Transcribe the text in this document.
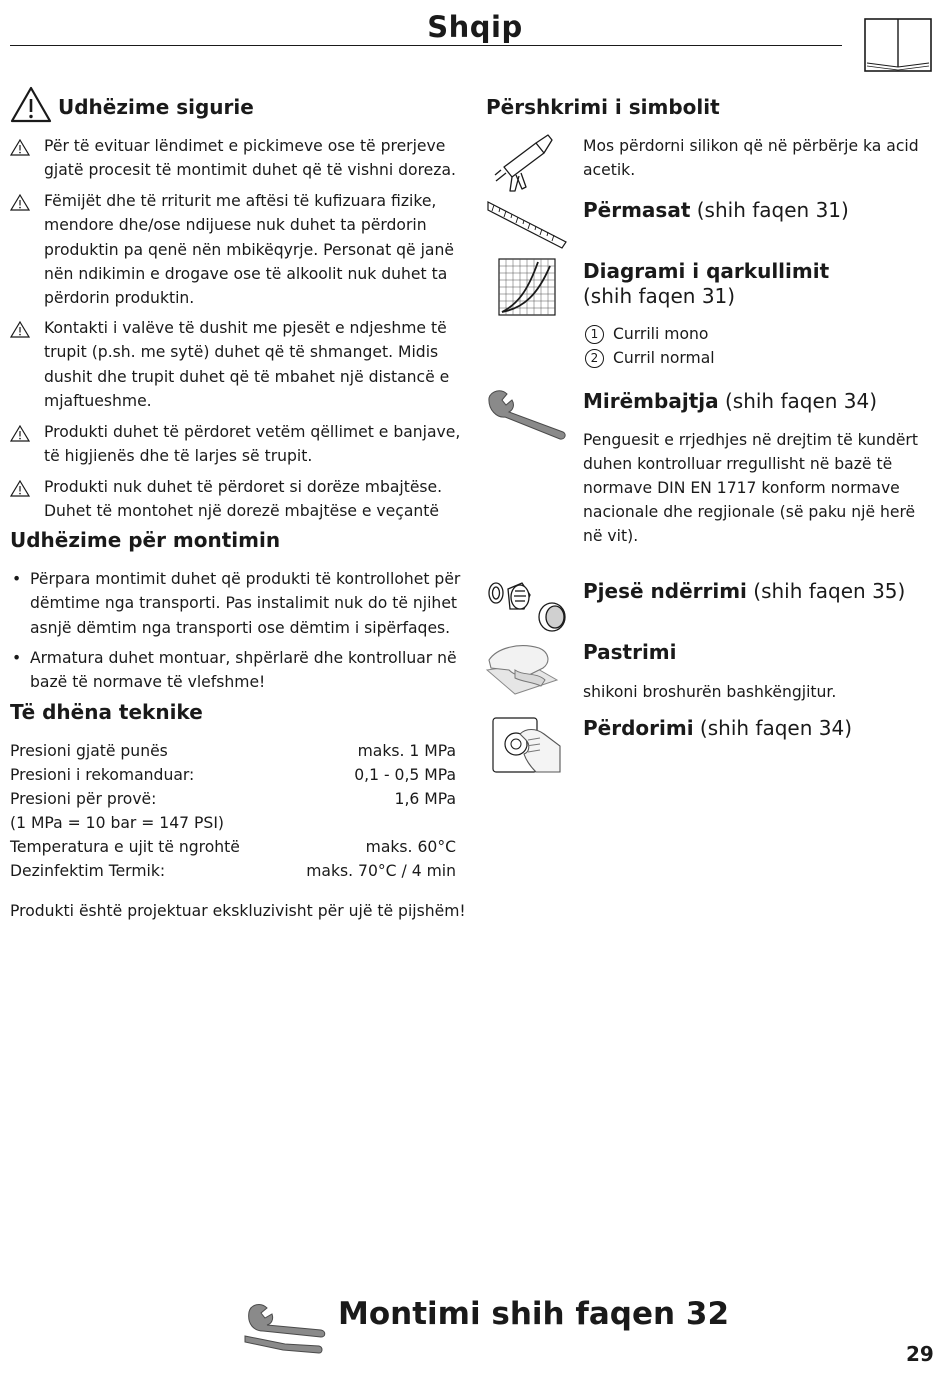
Shqip
Udhëzime sigurie
Për të evituar lëndimet e pickimeve ose të prerjeve gjatë procesit të montimit duhet që të vishni doreza.
Fëmijët dhe të rriturit me aftësi të kufizuara fizike, mendore dhe/ose ndijuese nuk duhet ta përdorin produktin pa qenë nën mbikëqyrje. Personat që janë nën ndikimin e drogave ose të alkoolit nuk duhet ta përdorin produktin.
Kontakti i valëve të dushit me pjesët e ndjeshme të trupit (p.sh. me sytë) duhet që të shmanget. Midis dushit dhe trupit duhet që të mbahet një distancë e mjaftueshme.
Produkti duhet të përdoret vetëm qëllimet e banjave, të higjienës dhe të larjes së trupit.
Produkti nuk duhet të përdoret si dorëze mbajtëse. Duhet të montohet një dorezë mbajtëse e veçantë
Udhëzime për montimin
• Përpara montimit duhet që produkti të kontrollohet për dëmtime nga transporti. Pas instalimit nuk do të njihet asnjë dëmtim nga transporti ose dëmtim i sipërfaqes.
• Armatura duhet montuar, shpërlarë dhe kontrolluar në bazë të normave të vlefshme!
Të dhëna teknike
Presioni gjatë punës	maks. 1 MPa
Presioni i rekomanduar:	0,1 - 0,5 MPa
Presioni për provë:	1,6 MPa
(1 MPa = 10 bar = 147 PSI)
Temperatura e ujit të ngrohtë	maks. 60°C
Dezinfektim Termik:	maks. 70°C / 4 min
Produkti është projektuar ekskluzivisht për ujë të pijshëm!
Përshkrimi i simbolit
Mos përdorni silikon që në përbërje ka acid acetik.
Përmasat (shih faqen 31)
Diagrami i qarkullimit
(shih faqen 31)
1 Currili mono
2 Curril normal
Mirëmbajtja (shih faqen 34)
Penguesit e rrjedhjes në drejtim të kundërt duhen kontrolluar rregullisht në bazë të normave DIN EN 1717 konform normave nacionale dhe regjionale (së paku një herë në vit).
Pjesë ndërrimi (shih faqen 35)
Pastrimi
shikoni broshurën bashkëngjitur.
Përdorimi (shih faqen 34)
Montimi shih faqen 32
29
